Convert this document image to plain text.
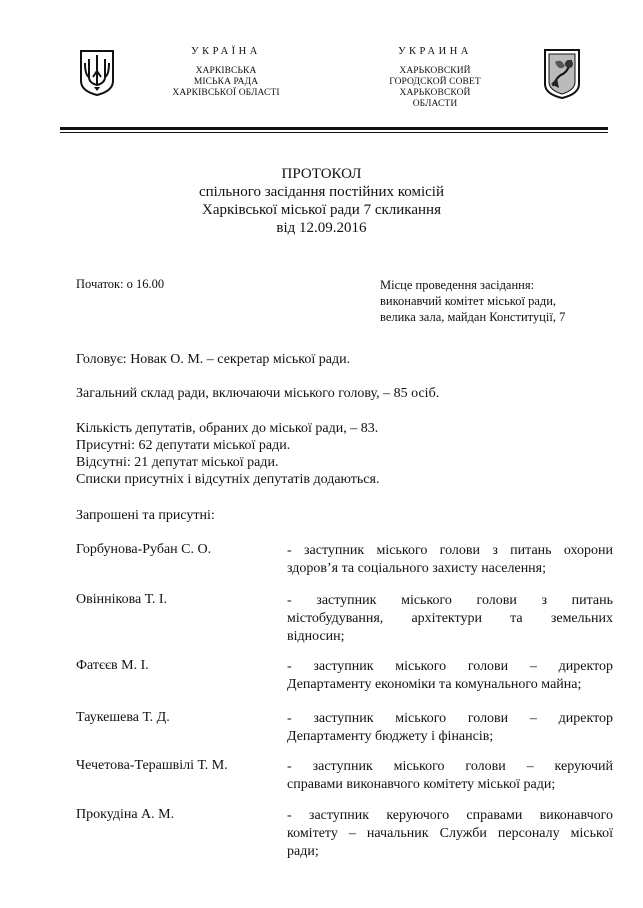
УКРАЇНА
ХАРКІВСЬКА
МІСЬКА РАДА
ХАРКІВСЬКОЇ ОБЛАСТІ
УКРАИНА
ХАРЬКОВСКИЙ
ГОРОДСКОЙ СОВЕТ
ХАРЬКОВСКОЙ ОБЛАСТИ
ПРОТОКОЛ
спільного засідання постійних комісій
Харківської міської ради 7 скликання
від 12.09.2016
Початок: о 16.00	Місце проведення засідання:
виконавчий комітет міської ради,
велика зала, майдан Конституції, 7
Головує: Новак О. М. – секретар міської ради.
Загальний склад ради, включаючи міського голову, – 85 осіб.
Кількість депутатів, обраних до міської ради, – 83.
Присутні: 62 депутати міської ради.
Відсутні: 21 депутат міської ради.
Списки присутніх і відсутніх депутатів додаються.
Запрошені та присутні:
Горбунова-Рубан С. О.	- заступник міського голови з питань охорони
здоров’я та соціального захисту населення;
Овіннікова Т. І.	- заступник міського голови з питань
містобудування, архітектури та земельних
відносин;
Фатєєв М. І.	- заступник міського голови – директор
Департаменту економіки та комунального майна;
Таукешева Т. Д.	- заступник міського голови – директор
Департаменту бюджету і фінансів;
Чечетова-Терашвілі Т. М.	- заступник міського голови – керуючий
справами виконавчого комітету міської ради;
Прокудіна А. М.	- заступник керуючого справами виконавчого
комітету – начальник Служби персоналу міської
ради;
